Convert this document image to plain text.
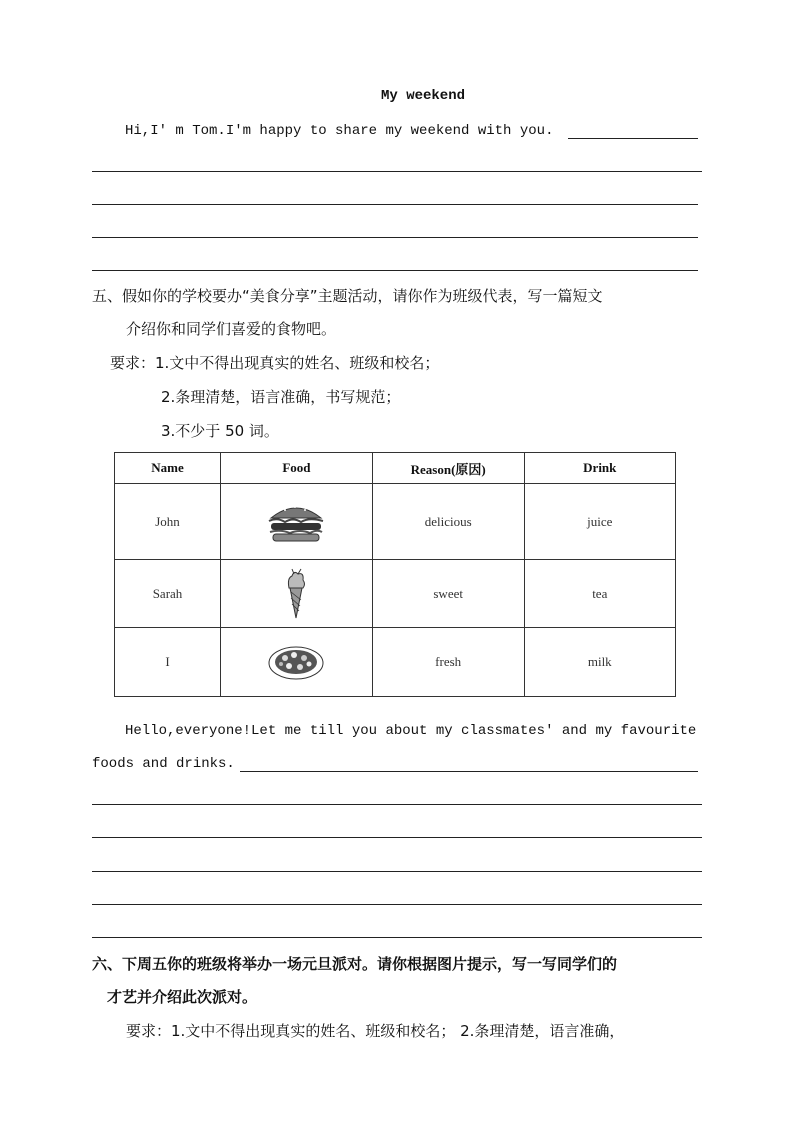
My weekend
Hi,I' m Tom.I'm happy to share my weekend with you.
五、假如你的学校要办“美食分享”主题活动，请你作为班级代表，写一篇短文
介绍你和同学们喜爱的食物吧。
要求：1.文中不得出现真实的姓名、班级和校名；
2.条理清楚，语言准确，书写规范；
3.不少于 50 词。
Name	Food	Reason(原因)	Drink
John		delicious	juice
Sarah		sweet	tea
I		fresh	milk
Hello,everyone!Let me till you about my classmates' and my favourite
foods and drinks.
六、下周五你的班级将举办一场元旦派对。请你根据图片提示，写一写同学们的
才艺并介绍此次派对。
要求：1.文中不得出现真实的姓名、班级和校名； 2.条理清楚，语言准确，
